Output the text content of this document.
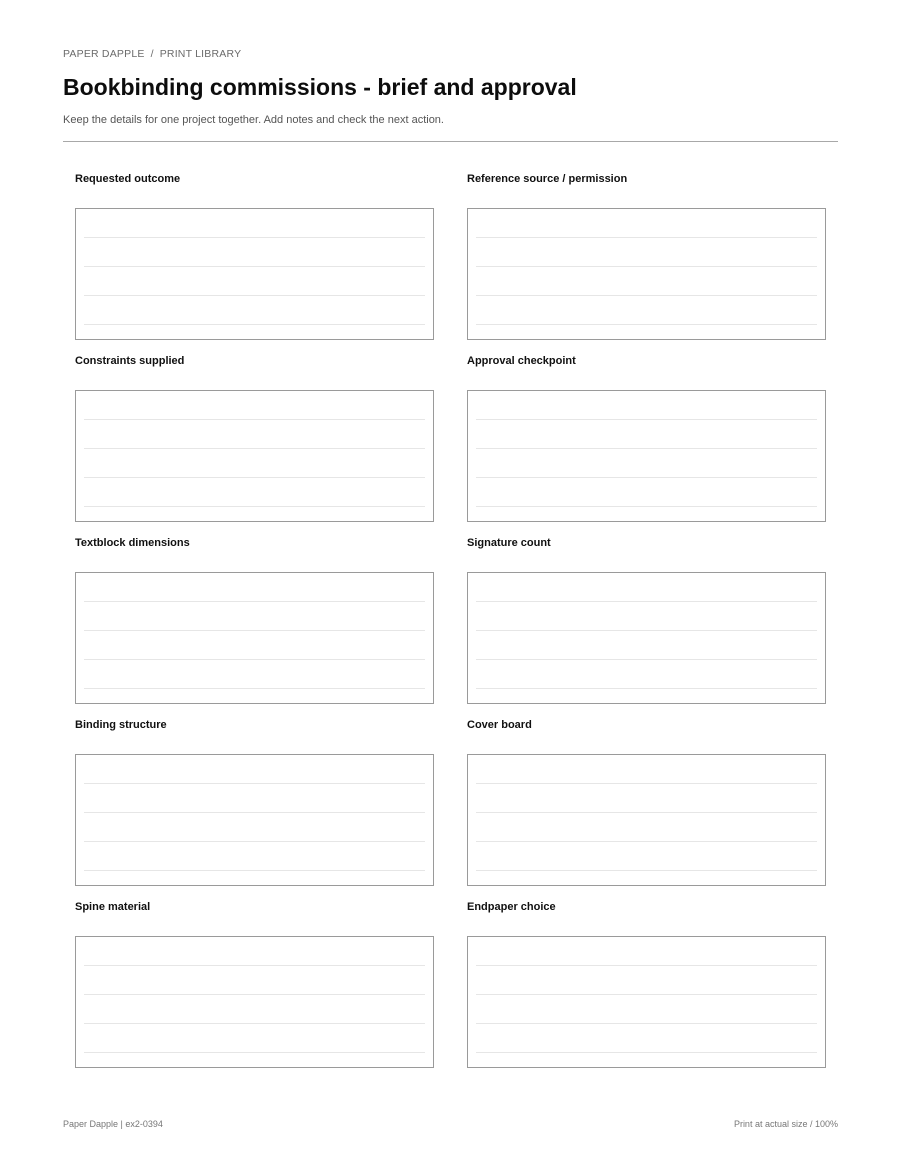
PAPER DAPPLE / PRINT LIBRARY
Bookbinding commissions - brief and approval

Keep the details for one project together. Add notes and check the next action.

Requested outcome	Reference source / permission
Constraints supplied	Approval checkpoint
Textblock dimensions	Signature count
Binding structure	Cover board
Spine material	Endpaper choice
Paper Dapple | ex2-0394	Print at actual size / 100%
